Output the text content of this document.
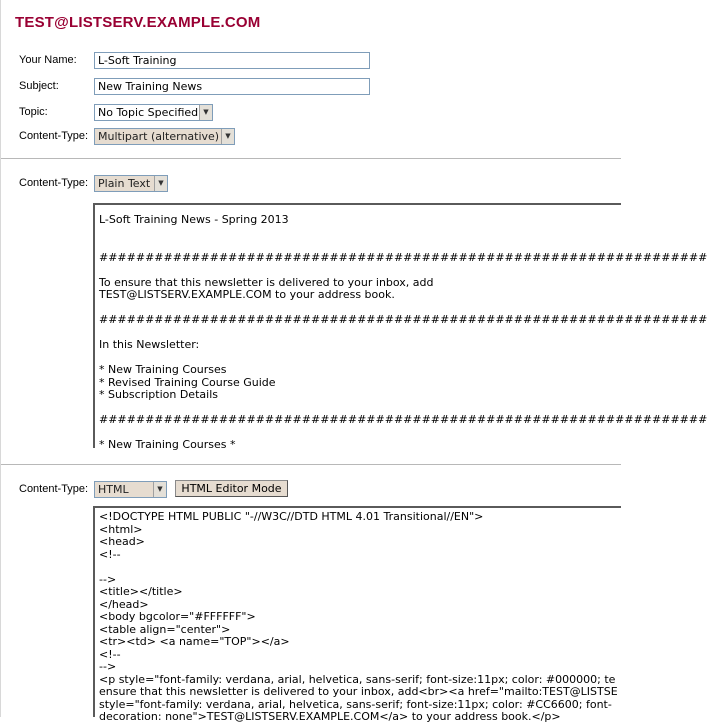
TEST@LISTSERV.EXAMPLE.COM
Your Name:	L-Soft Training
Subject:	New Training News
Topic:	No Topic Specified ▼
Content-Type: Multipart (alternative) ▼
Content-Type: Plain Text	▼
L-Soft Training News - Spring 2013

##################################################################

To ensure that this newsletter is delivered to your inbox, add
TEST@LISTSERV.EXAMPLE.COM to your address book.

##################################################################

In this Newsletter:

* New Training Courses
* Revised Training Course Guide
* Subscription Details

##################################################################

* New Training Courses *
Content-Type: HTML	▼	HTML Editor Mode
<!DOCTYPE HTML PUBLIC "-//W3C//DTD HTML 4.01 Transitional//EN">
<html>
<head>
<!--

-->
<title></title>
</head>
<body bgcolor="#FFFFFF">
<table align="center">
<tr><td> <a name="TOP"></a>
<!--
-->
<p style="font-family: verdana, arial, helvetica, sans-serif; font-size:11px; color: #000000; te
ensure that this newsletter is delivered to your inbox, add<br><a href="mailto:TEST@LISTSE
style="font-family: verdana, arial, helvetica, sans-serif; font-size:11px; color: #CC6600; font-
decoration: none">TEST@LISTSERV.EXAMPLE.COM</a> to your address book.</p>
